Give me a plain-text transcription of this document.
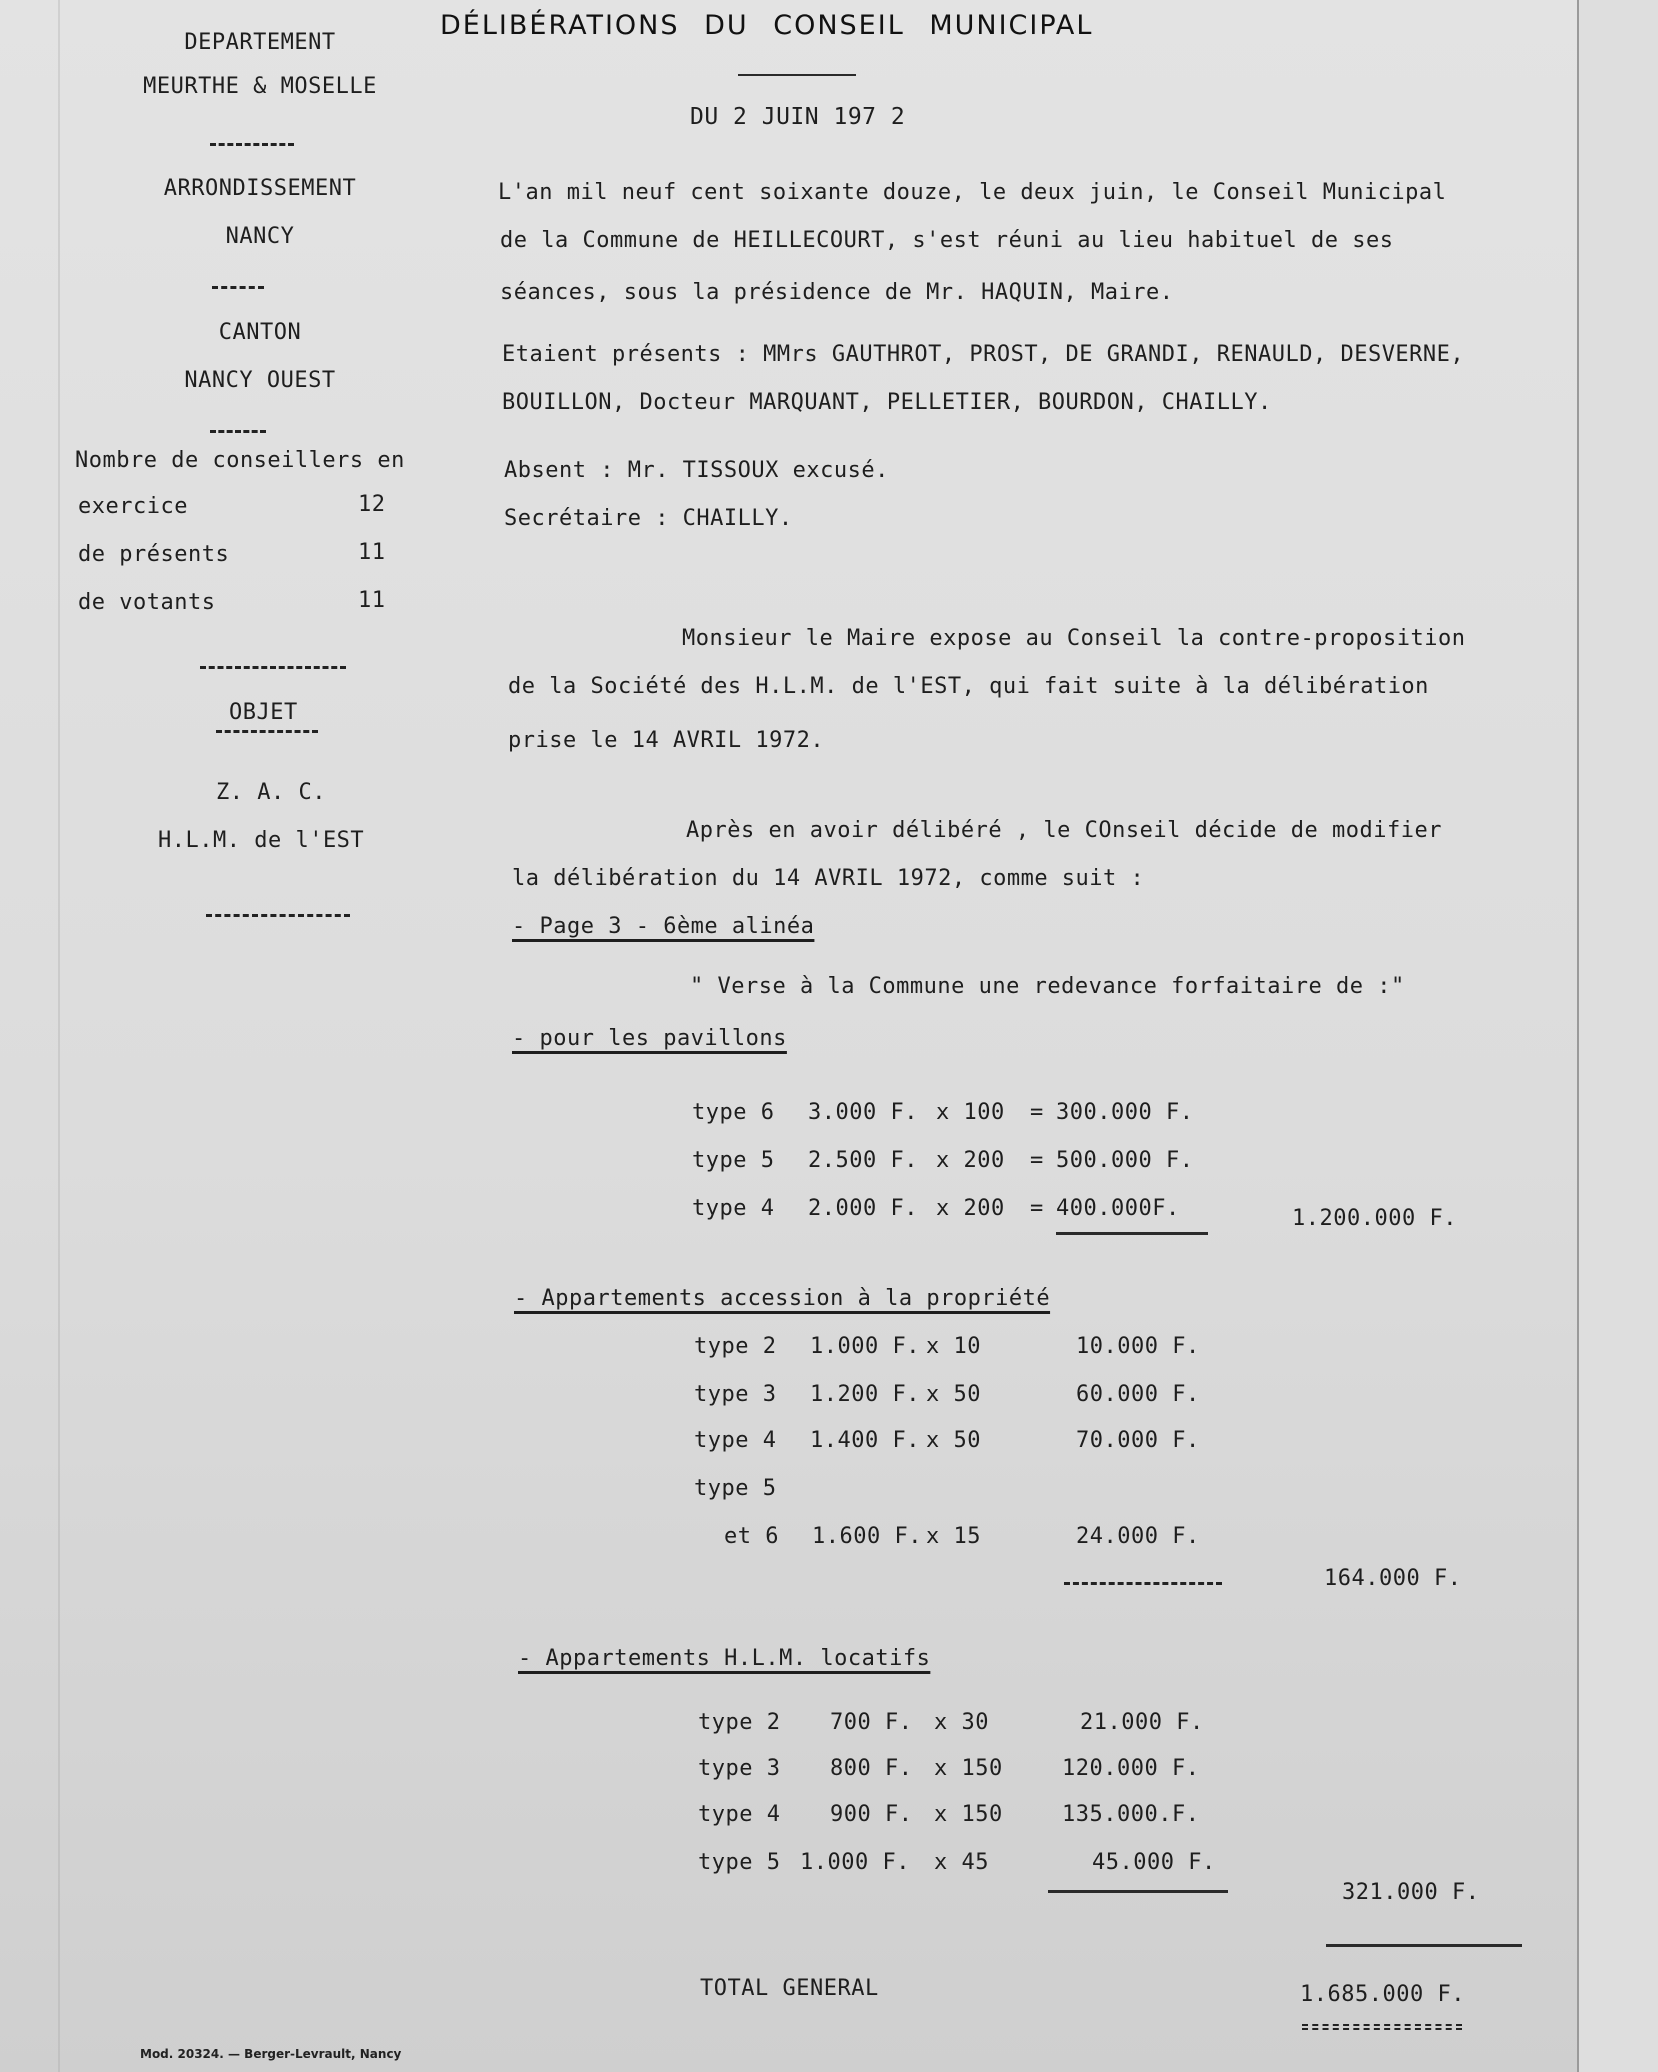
DÉLIBÉRATIONS DU CONSEIL MUNICIPAL
DU 2 JUIN 197 2
DEPARTEMENT
MEURTHE & MOSELLE
ARRONDISSEMENT
NANCY
CANTON
NANCY OUEST
Nombre de conseillers en
exercice	12
de présents	11
de votants	11
OBJET
Z. A. C.
H.L.M. de l'EST
L'an mil neuf cent soixante douze, le deux juin, le Conseil Municipal
de la Commune de HEILLECOURT, s'est réuni au lieu habituel de ses
séances, sous la présidence de Mr. HAQUIN, Maire.
Etaient présents : MMrs GAUTHROT, PROST, DE GRANDI, RENAULD, DESVERNE,
BOUILLON, Docteur MARQUANT, PELLETIER, BOURDON, CHAILLY.
Absent : Mr. TISSOUX excusé.
Secrétaire : CHAILLY.
Monsieur le Maire expose au Conseil la contre-proposition
de la Société des H.L.M. de l'EST, qui fait suite à la délibération
prise le 14 AVRIL 1972.
Après en avoir délibéré , le COnseil décide de modifier
la délibération du 14 AVRIL 1972, comme suit :
- Page 3 - 6ème alinéa
" Verse à la Commune une redevance forfaitaire de :"
- pour les pavillons
type 6 3.000 F. x 100 = 300.000 F.
type 5 2.500 F. x 200 = 500.000 F.
type 4 2.000 F. x 200 = 400.000F.	1.200.000 F.
- Appartements accession à la propriété
type 2 1.000 F. x 10	10.000 F.
type 3 1.200 F. x 50	60.000 F.
type 4 1.400 F. x 50	70.000 F.
type 5
et 6 1.600 F. x 15	24.000 F.
164.000 F.
- Appartements H.L.M. locatifs
type 2 700 F. x 30	21.000 F.
type 3 800 F. x 150	120.000 F.
type 4 900 F. x 150	135.000.F.
type 5 1.000 F. x 45	45.000 F.
321.000 F.
TOTAL GENERAL	1.685.000 F.
Mod. 20324. — Berger-Levrault, Nancy
